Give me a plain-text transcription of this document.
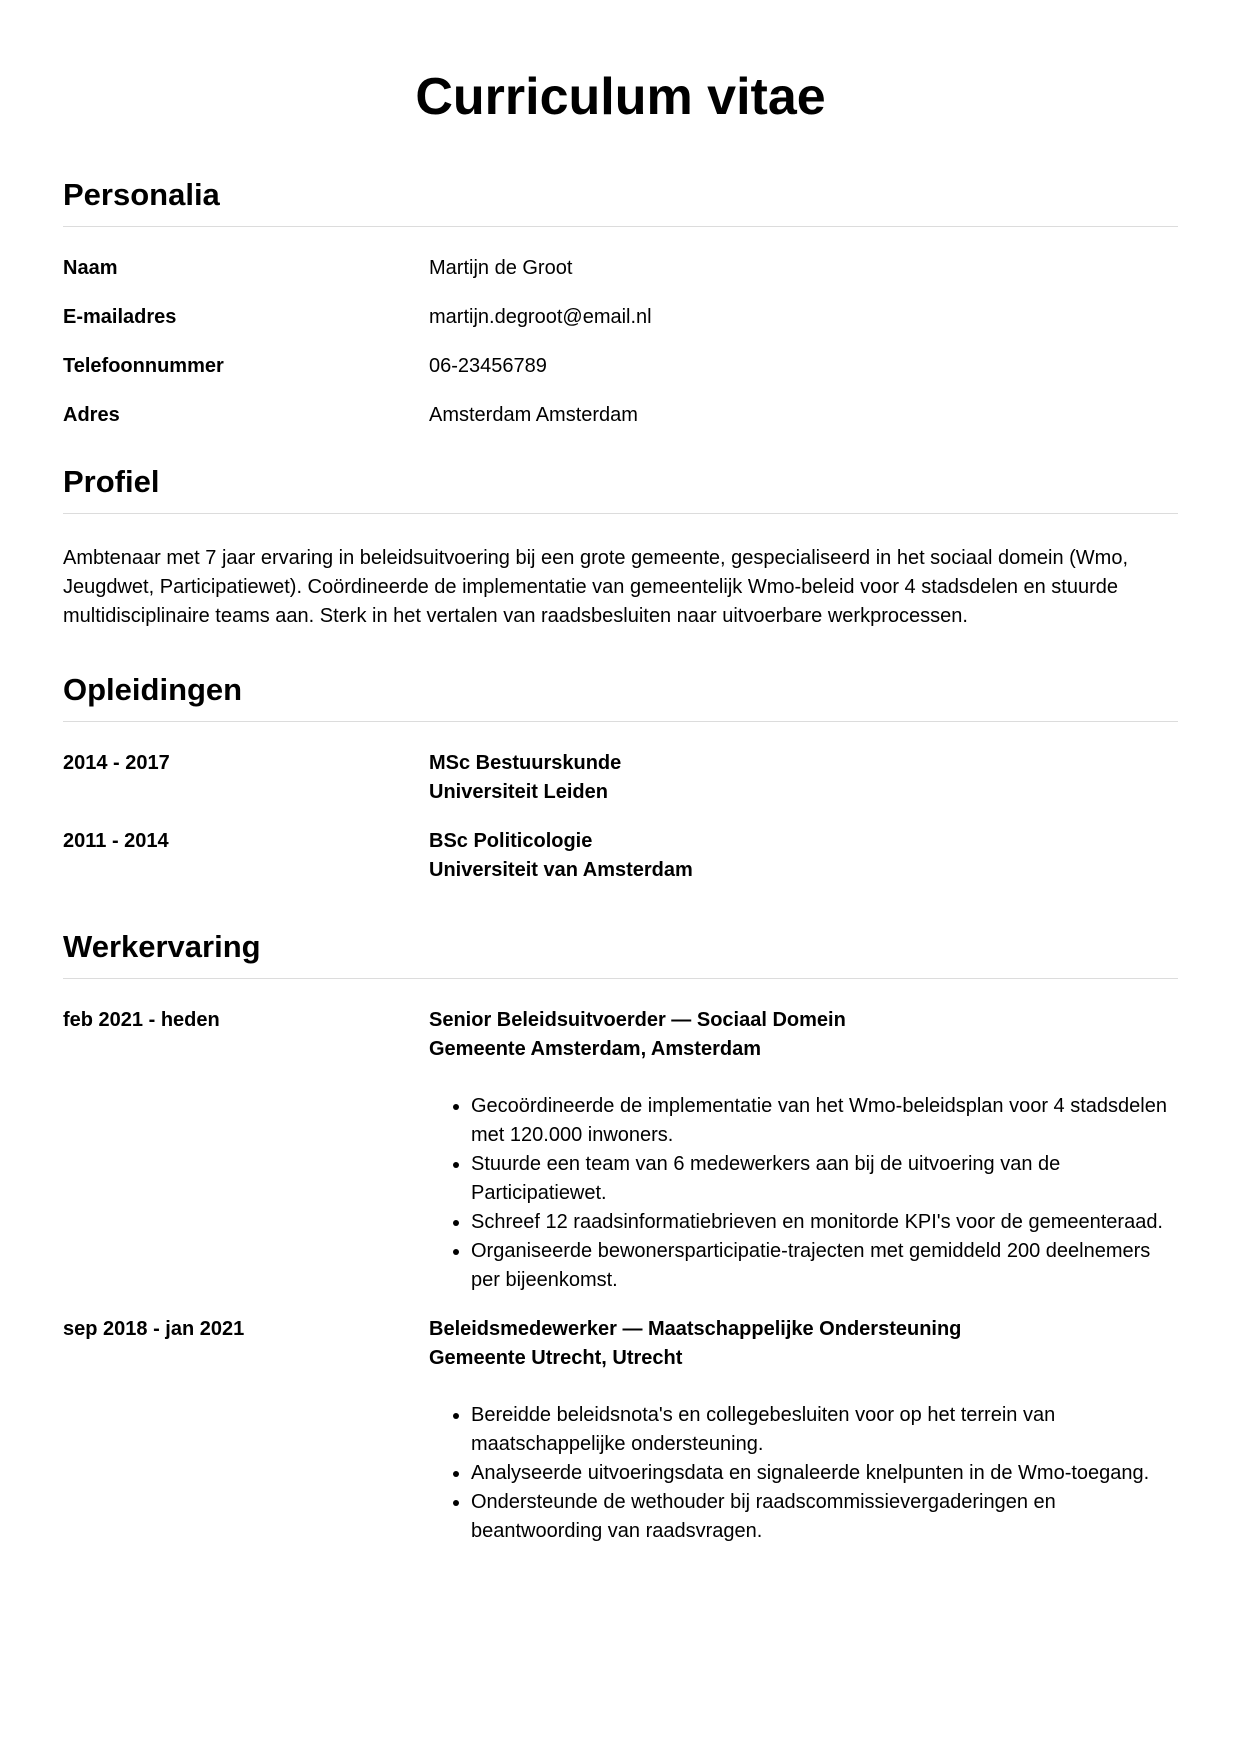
Curriculum vitae
Personalia
Naam	Martijn de Groot
E-mailadres	martijn.degroot@email.nl
Telefoonnummer	06-23456789
Adres	Amsterdam Amsterdam
Profiel

Ambtenaar met 7 jaar ervaring in beleidsuitvoering bij een grote gemeente, gespecialiseerd in het sociaal domein (Wmo, Jeugdwet, Participatiewet). Coördineerde de implementatie van gemeentelijk Wmo-beleid voor 4 stadsdelen en stuurde multidisciplinaire teams aan. Sterk in het vertalen van raadsbesluiten naar uitvoerbare werkprocessen.

Opleidingen
2014 - 2017	MSc Bestuurskunde
Universiteit Leiden
2011 - 2014	BSc Politicologie
Universiteit van Amsterdam
Werkervaring
feb 2021 - heden	Senior Beleidsuitvoerder — Sociaal Domein
Gemeente Amsterdam, Amsterdam
• Gecoördineerde de implementatie van het Wmo-beleidsplan voor 4 stadsdelen met 120.000 inwoners.
• Stuurde een team van 6 medewerkers aan bij de uitvoering van de Participatiewet.
• Schreef 12 raadsinformatiebrieven en monitorde KPI's voor de gemeenteraad.
• Organiseerde bewonersparticipatie-trajecten met gemiddeld 200 deelnemers per bijeenkomst.
sep 2018 - jan 2021	Beleidsmedewerker — Maatschappelijke Ondersteuning
Gemeente Utrecht, Utrecht
• Bereidde beleidsnota's en collegebesluiten voor op het terrein van maatschappelijke ondersteuning.
• Analyseerde uitvoeringsdata en signaleerde knelpunten in de Wmo-toegang.
• Ondersteunde de wethouder bij raadscommissievergaderingen en beantwoording van raadsvragen.
